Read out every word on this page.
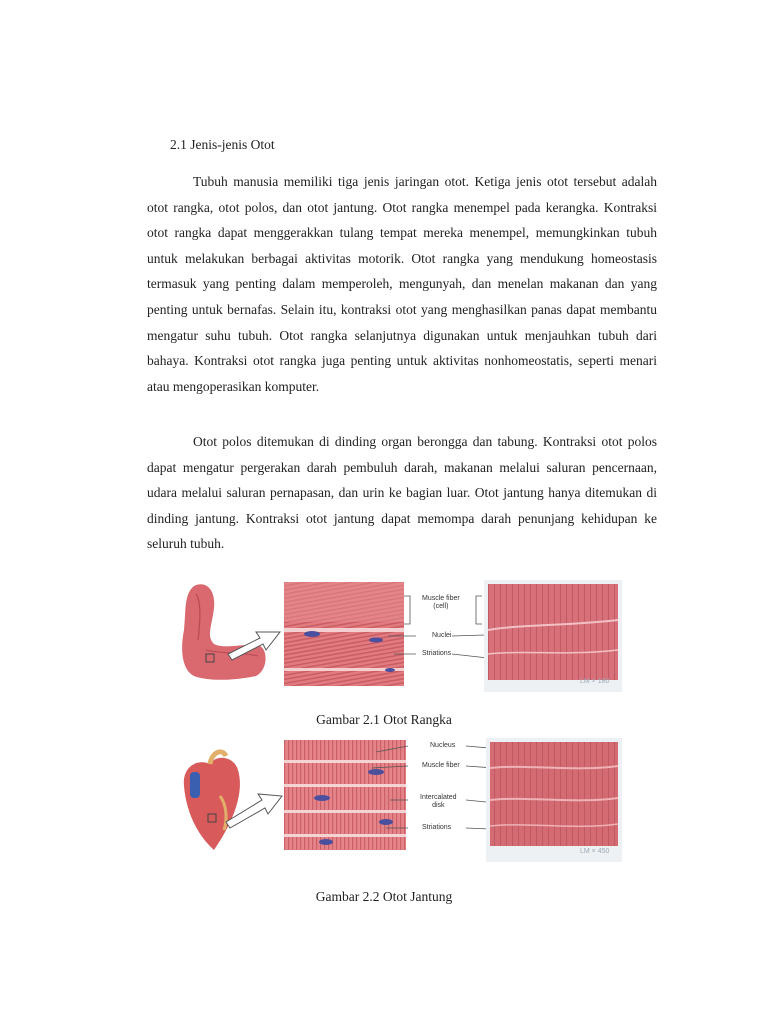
2.1 Jenis-jenis Otot

Tubuh manusia memiliki tiga jenis jaringan otot. Ketiga jenis otot tersebut adalah otot rangka, otot polos, dan otot jantung. Otot rangka menempel pada kerangka. Kontraksi otot rangka dapat menggerakkan tulang tempat mereka menempel, memungkinkan tubuh untuk melakukan berbagai aktivitas motorik. Otot rangka yang mendukung homeostasis termasuk yang penting dalam memperoleh, mengunyah, dan menelan makanan dan yang penting untuk bernafas. Selain itu, kontraksi otot yang menghasilkan panas dapat membantu mengatur suhu tubuh. Otot rangka selanjutnya digunakan untuk menjauhkan tubuh dari bahaya. Kontraksi otot rangka juga penting untuk aktivitas nonhomeostatis, seperti menari atau mengoperasikan komputer.

Otot polos ditemukan di dinding organ berongga dan tabung. Kontraksi otot polos dapat mengatur pergerakan darah pembuluh darah, makanan melalui saluran pencernaan, udara melalui saluran pernapasan, dan urin ke bagian luar. Otot jantung hanya ditemukan di dinding jantung. Kontraksi otot jantung dapat memompa darah penunjang kehidupan ke seluruh tubuh.

Muscle fiber
(cell)
Nuclei
Striations
LM × 180
Gambar 2.1 Otot Rangka
Nucleus
Muscle fiber
Intercalated
disk
Striations
LM × 450
Gambar 2.2 Otot Jantung
